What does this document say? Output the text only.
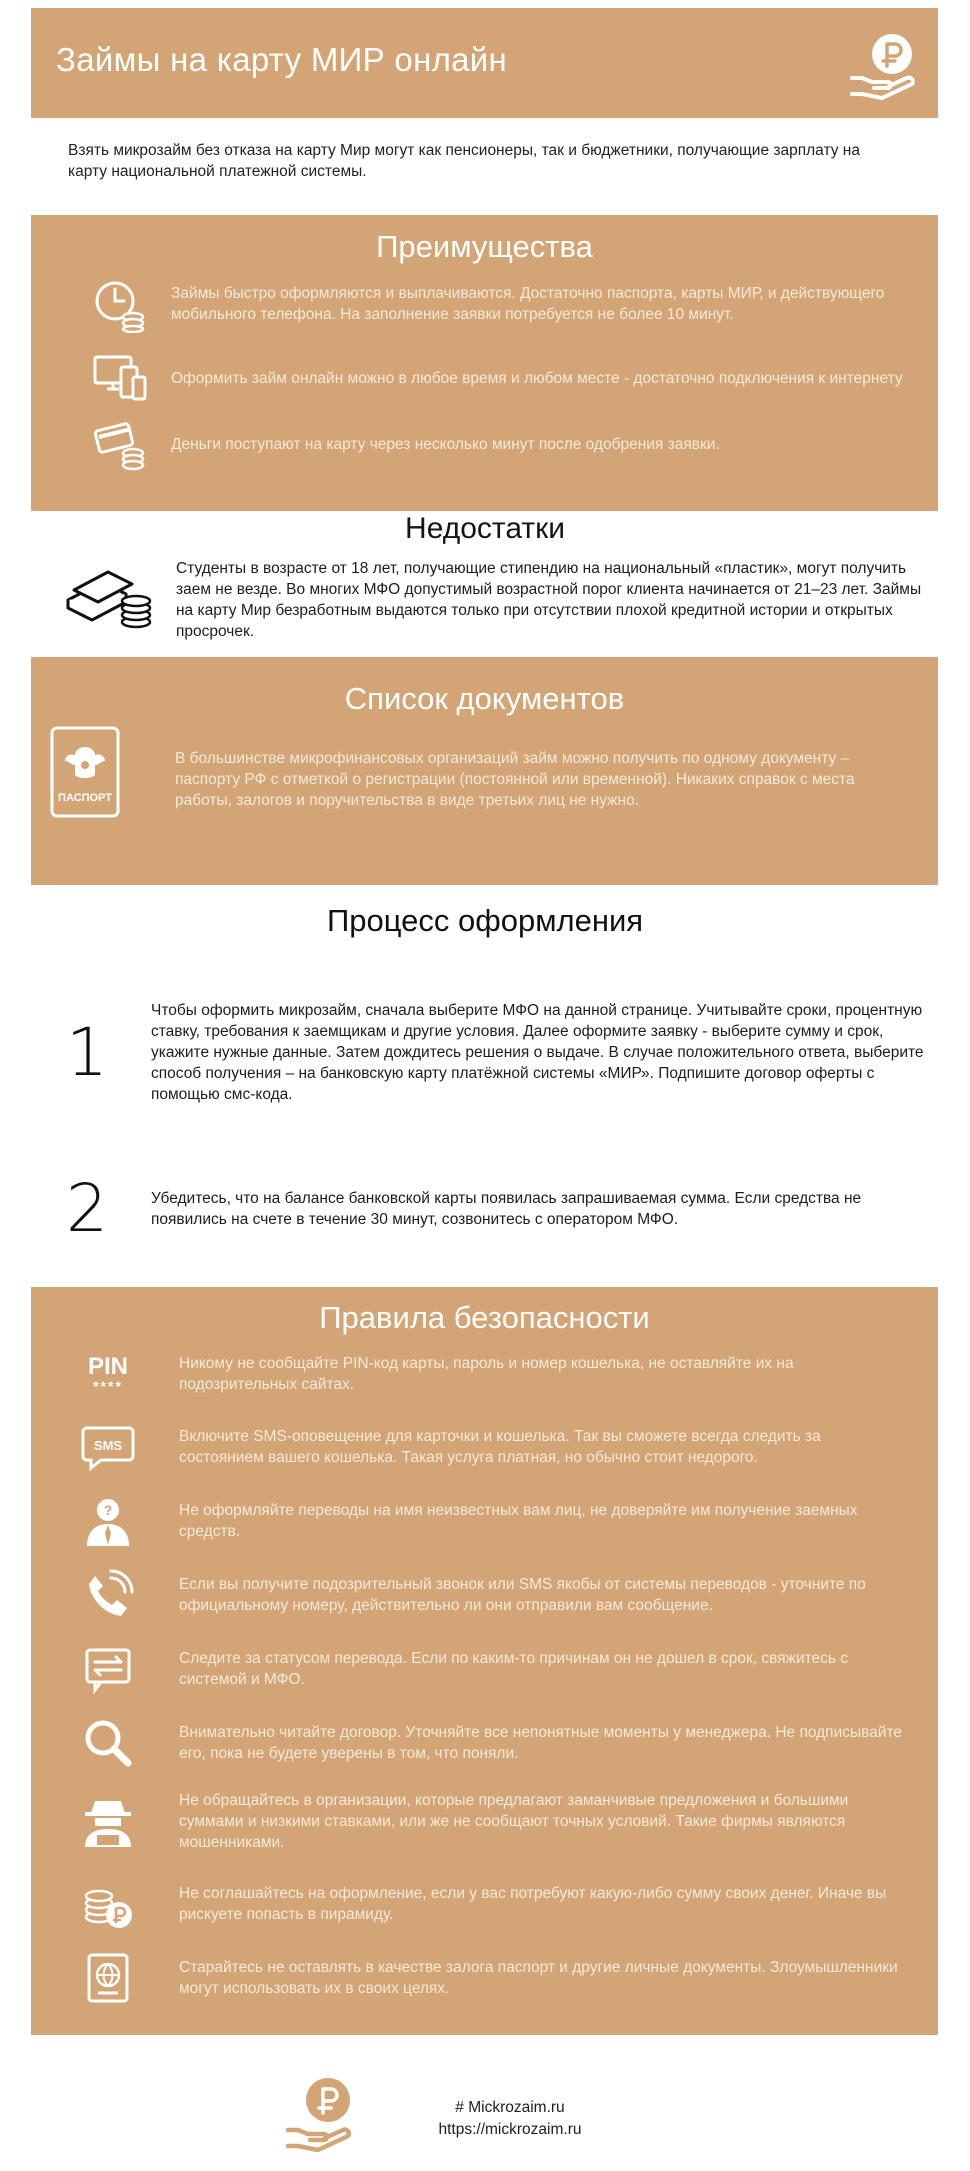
Займы на карту МИР онлайн
Взять микрозайм без отказа на карту Мир могут как пенсионеры, так и бюджетники, получающие зарплату на карту национальной платежной системы.
Преимущества
Займы быстро оформляются и выплачиваются. Достаточно паспорта, карты МИР, и действующего мобильного телефона. На заполнение заявки потребуется не более 10 минут.
Оформить займ онлайн можно в любое время и любом месте - достаточно подключения к интернету
Деньги поступают на карту через несколько минут после одобрения заявки.
Недостатки
Студенты в возрасте от 18 лет, получающие стипендию на национальный «пластик», могут получить заем не везде. Во многих МФО допустимый возрастной порог клиента начинается от 21–23 лет. Займы на карту Мир безработным выдаются только при отсутствии плохой кредитной истории и открытых просрочек.
Список документов
ПАСПОРТ
В большинстве микрофинансовых организаций займ можно получить по одному документу – паспорту РФ с отметкой о регистрации (постоянной или временной). Никаких справок с места работы, залогов и поручительства в виде третьих лиц не нужно.
Процесс оформления
1
Чтобы оформить микрозайм, сначала выберите МФО на данной странице. Учитывайте сроки, процентную ставку, требования к заемщикам и другие условия. Далее оформите заявку - выберите сумму и срок, укажите нужные данные. Затем дождитесь решения о выдаче. В случае положительного ответа, выберите способ получения – на банковскую карту платёжной системы «МИР». Подпишите договор оферты с помощью смс-кода.
2	Убедитесь, что на балансе банковской карты появилась запрашиваемая сумма. Если средства не появились на счете в течение 30 минут, созвонитесь с оператором МФО.
Правила безопасности
PIN
****
Никому не сообщайте PIN-код карты, пароль и номер кошелька, не оставляйте их на подозрительных сайтах.
SMS
Включите SMS-оповещение для карточки и кошелька. Так вы сможете всегда следить за состоянием вашего кошелька. Такая услуга платная, но обычно стоит недорого.
?	Не оформляйте переводы на имя неизвестных вам лиц, не доверяйте им получение заемных средств.
Если вы получите подозрительный звонок или SMS якобы от системы переводов - уточните по официальному номеру, действительно ли они отправили вам сообщение.
Следите за статусом перевода. Если по каким-то причинам он не дошел в срок, свяжитесь с системой и МФО.
Внимательно читайте договор. Уточняйте все непонятные моменты у менеджера. Не подписывайте его, пока не будете уверены в том, что поняли.
Не обращайтесь в организации, которые предлагают заманчивые предложения и большими суммами и низкими ставками, или же не сообщают точных условий. Такие фирмы являются мошенниками.
Не соглашайтесь на оформление, если у вас потребуют какую-либо сумму своих денег. Иначе вы рискуете попасть в пирамиду.
Старайтесь не оставлять в качестве залога паспорт и другие личные документы. Злоумышленники могут использовать их в своих целях.
# Mickrozaim.ru
https://mickrozaim.ru
